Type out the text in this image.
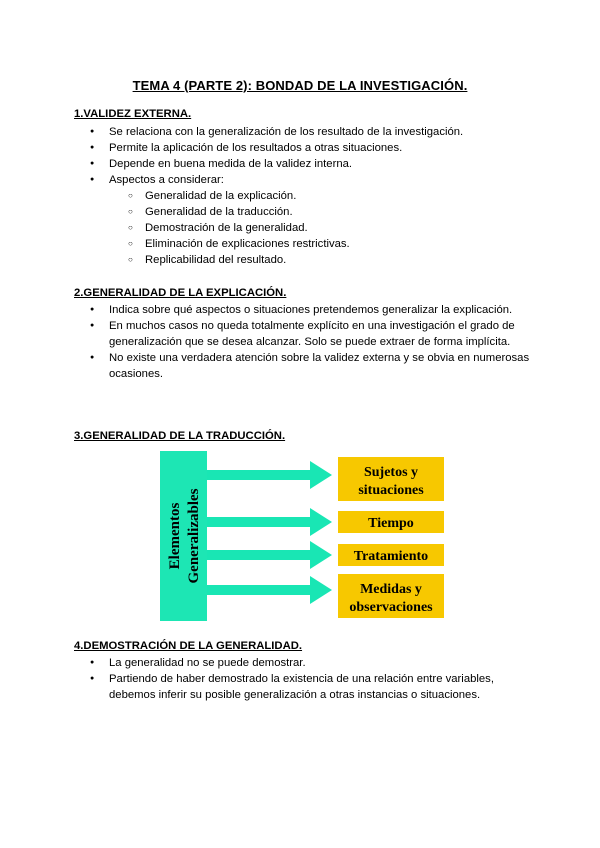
TEMA 4 (PARTE 2): BONDAD DE LA INVESTIGACIÓN.
1.VALIDEZ EXTERNA.
● Se relaciona con la generalización de los resultado de la investigación.
● Permite la aplicación de los resultados a otras situaciones.
● Depende en buena medida de la validez interna.
● Aspectos a considerar:
○ Generalidad de la explicación.
○ Generalidad de la traducción.
○ Demostración de la generalidad.
○ Eliminación de explicaciones restrictivas.
○ Replicabilidad del resultado.
2.GENERALIDAD DE LA EXPLICACIÓN.
● Indica sobre qué aspectos o situaciones pretendemos generalizar la explicación.
● En muchos casos no queda totalmente explícito en una investigación el grado de generalización que se desea alcanzar. Solo se puede extraer de forma implícita.
● No existe una verdadera atención sobre la validez externa y se obvia en numerosas ocasiones.
3.GENERALIDAD DE LA TRADUCCIÓN.
Elementos Generalizables
Sujetos y
situaciones
Tiempo
Tratamiento
Medidas y
observaciones
4.DEMOSTRACIÓN DE LA GENERALIDAD.
● La generalidad no se puede demostrar.
● Partiendo de haber demostrado la existencia de una relación entre variables, debemos inferir su posible generalización a otras instancias o situaciones.
